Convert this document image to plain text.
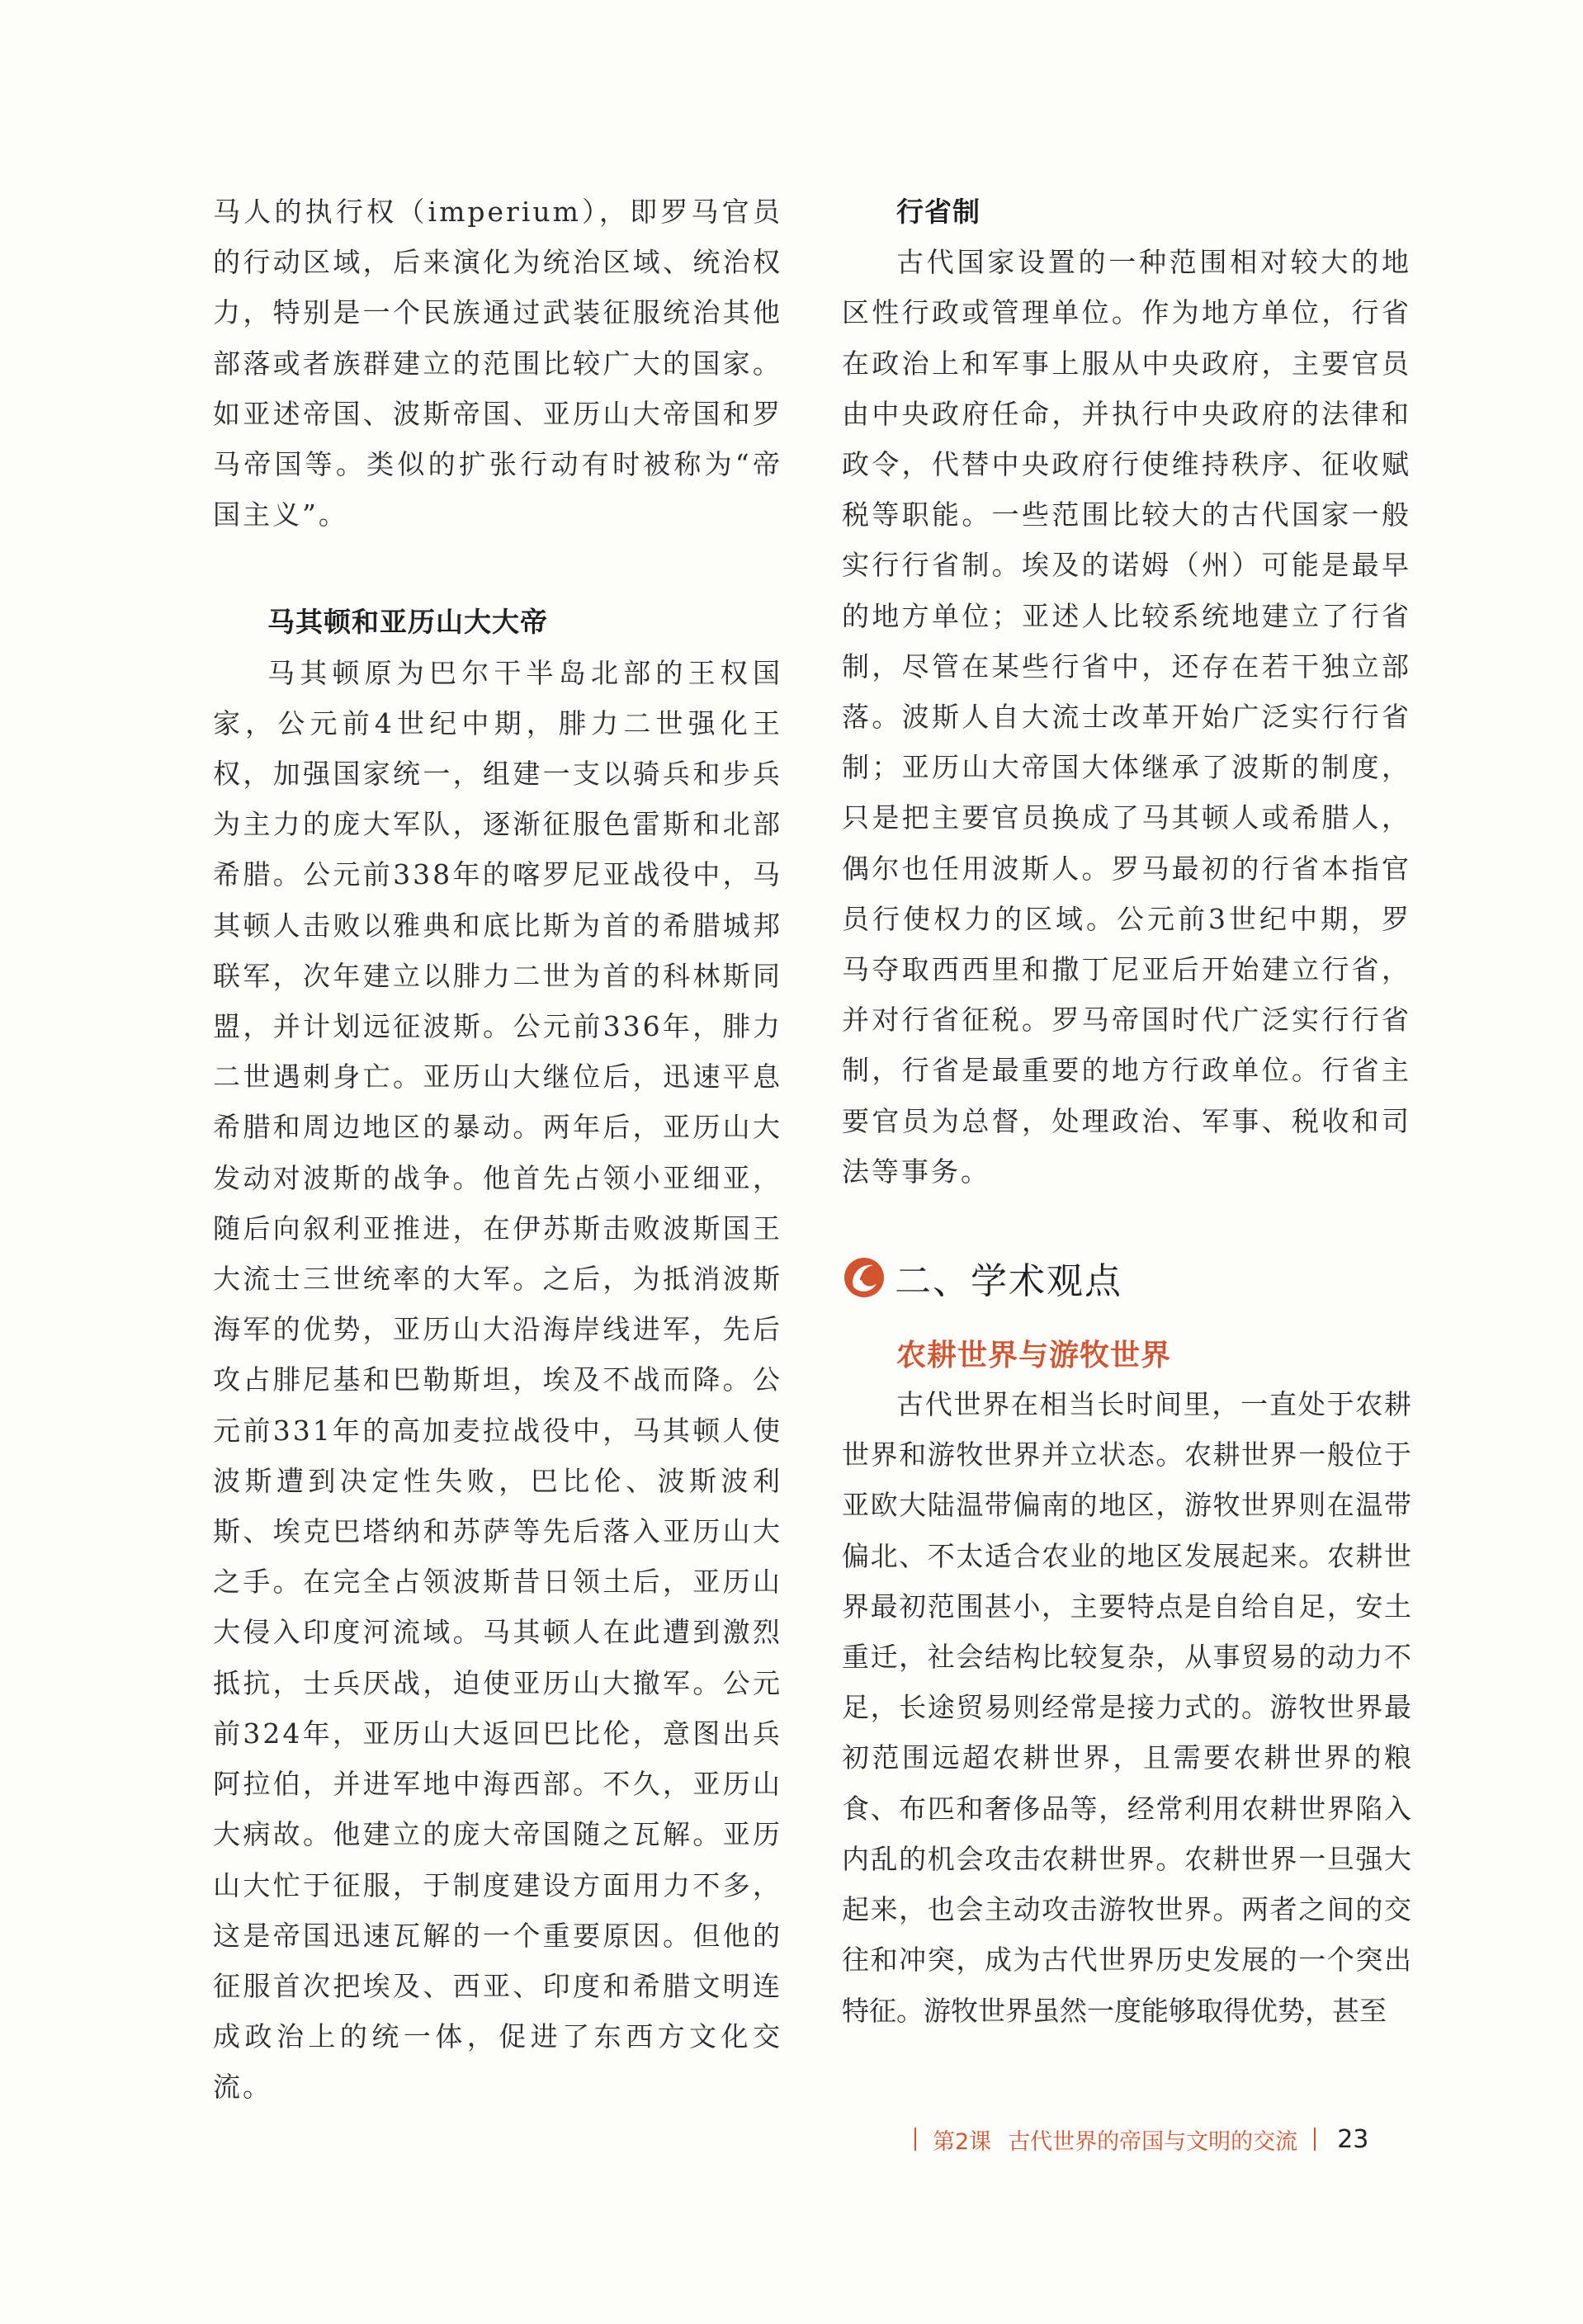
马人的执行权（imperium），即罗马官员的行动区域，后来演化为统治区域、统治权力，特别是一个民族通过武装征服统治其他部落或者族群建立的范围比较广大的国家。如亚述帝国、波斯帝国、亚历山大帝国和罗马帝国等。类似的扩张行动有时被称为“帝国主义”。

马其顿和亚历山大大帝

马其顿原为巴尔干半岛北部的王权国家，公元前4世纪中期，腓力二世强化王权，加强国家统一，组建一支以骑兵和步兵为主力的庞大军队，逐渐征服色雷斯和北部希腊。公元前338年的喀罗尼亚战役中，马其顿人击败以雅典和底比斯为首的希腊城邦联军，次年建立以腓力二世为首的科林斯同盟，并计划远征波斯。公元前336年，腓力二世遇刺身亡。亚历山大继位后，迅速平息希腊和周边地区的暴动。两年后，亚历山大发动对波斯的战争。他首先占领小亚细亚，随后向叙利亚推进，在伊苏斯击败波斯国王大流士三世统率的大军。之后，为抵消波斯海军的优势，亚历山大沿海岸线进军，先后攻占腓尼基和巴勒斯坦，埃及不战而降。公元前331年的高加麦拉战役中，马其顿人使波斯遭到决定性失败，巴比伦、波斯波利斯、埃克巴塔纳和苏萨等先后落入亚历山大之手。在完全占领波斯昔日领土后，亚历山大侵入印度河流域。马其顿人在此遭到激烈抵抗，士兵厌战，迫使亚历山大撤军。公元前324年，亚历山大返回巴比伦，意图出兵阿拉伯，并进军地中海西部。不久，亚历山大病故。他建立的庞大帝国随之瓦解。亚历山大忙于征服，于制度建设方面用力不多，这是帝国迅速瓦解的一个重要原因。但他的征服首次把埃及、西亚、印度和希腊文明连成政治上的统一体，促进了东西方文化交流。

行省制

古代国家设置的一种范围相对较大的地区性行政或管理单位。作为地方单位，行省在政治上和军事上服从中央政府，主要官员由中央政府任命，并执行中央政府的法律和政令，代替中央政府行使维持秩序、征收赋税等职能。一些范围比较大的古代国家一般实行行省制。埃及的诺姆（州）可能是最早的地方单位；亚述人比较系统地建立了行省制，尽管在某些行省中，还存在若干独立部落。波斯人自大流士改革开始广泛实行行省制；亚历山大帝国大体继承了波斯的制度，只是把主要官员换成了马其顿人或希腊人，偶尔也任用波斯人。罗马最初的行省本指官员行使权力的区域。公元前3世纪中期，罗马夺取西西里和撒丁尼亚后开始建立行省，并对行省征税。罗马帝国时代广泛实行行省制，行省是最重要的地方行政单位。行省主要官员为总督，处理政治、军事、税收和司法等事务。

二、学术观点
农耕世界与游牧世界

古代世界在相当长时间里，一直处于农耕世界和游牧世界并立状态。农耕世界一般位于亚欧大陆温带偏南的地区，游牧世界则在温带偏北、不太适合农业的地区发展起来。农耕世界最初范围甚小，主要特点是自给自足，安土重迁，社会结构比较复杂，从事贸易的动力不足，长途贸易则经常是接力式的。游牧世界最初范围远超农耕世界，且需要农耕世界的粮食、布匹和奢侈品等，经常利用农耕世界陷入内乱的机会攻击农耕世界。农耕世界一旦强大起来，也会主动攻击游牧世界。两者之间的交往和冲突，成为古代世界历史发展的一个突出特征。游牧世界虽然一度能够取得优势，甚至

第2课 古代世界的帝国与文明的交流 23
